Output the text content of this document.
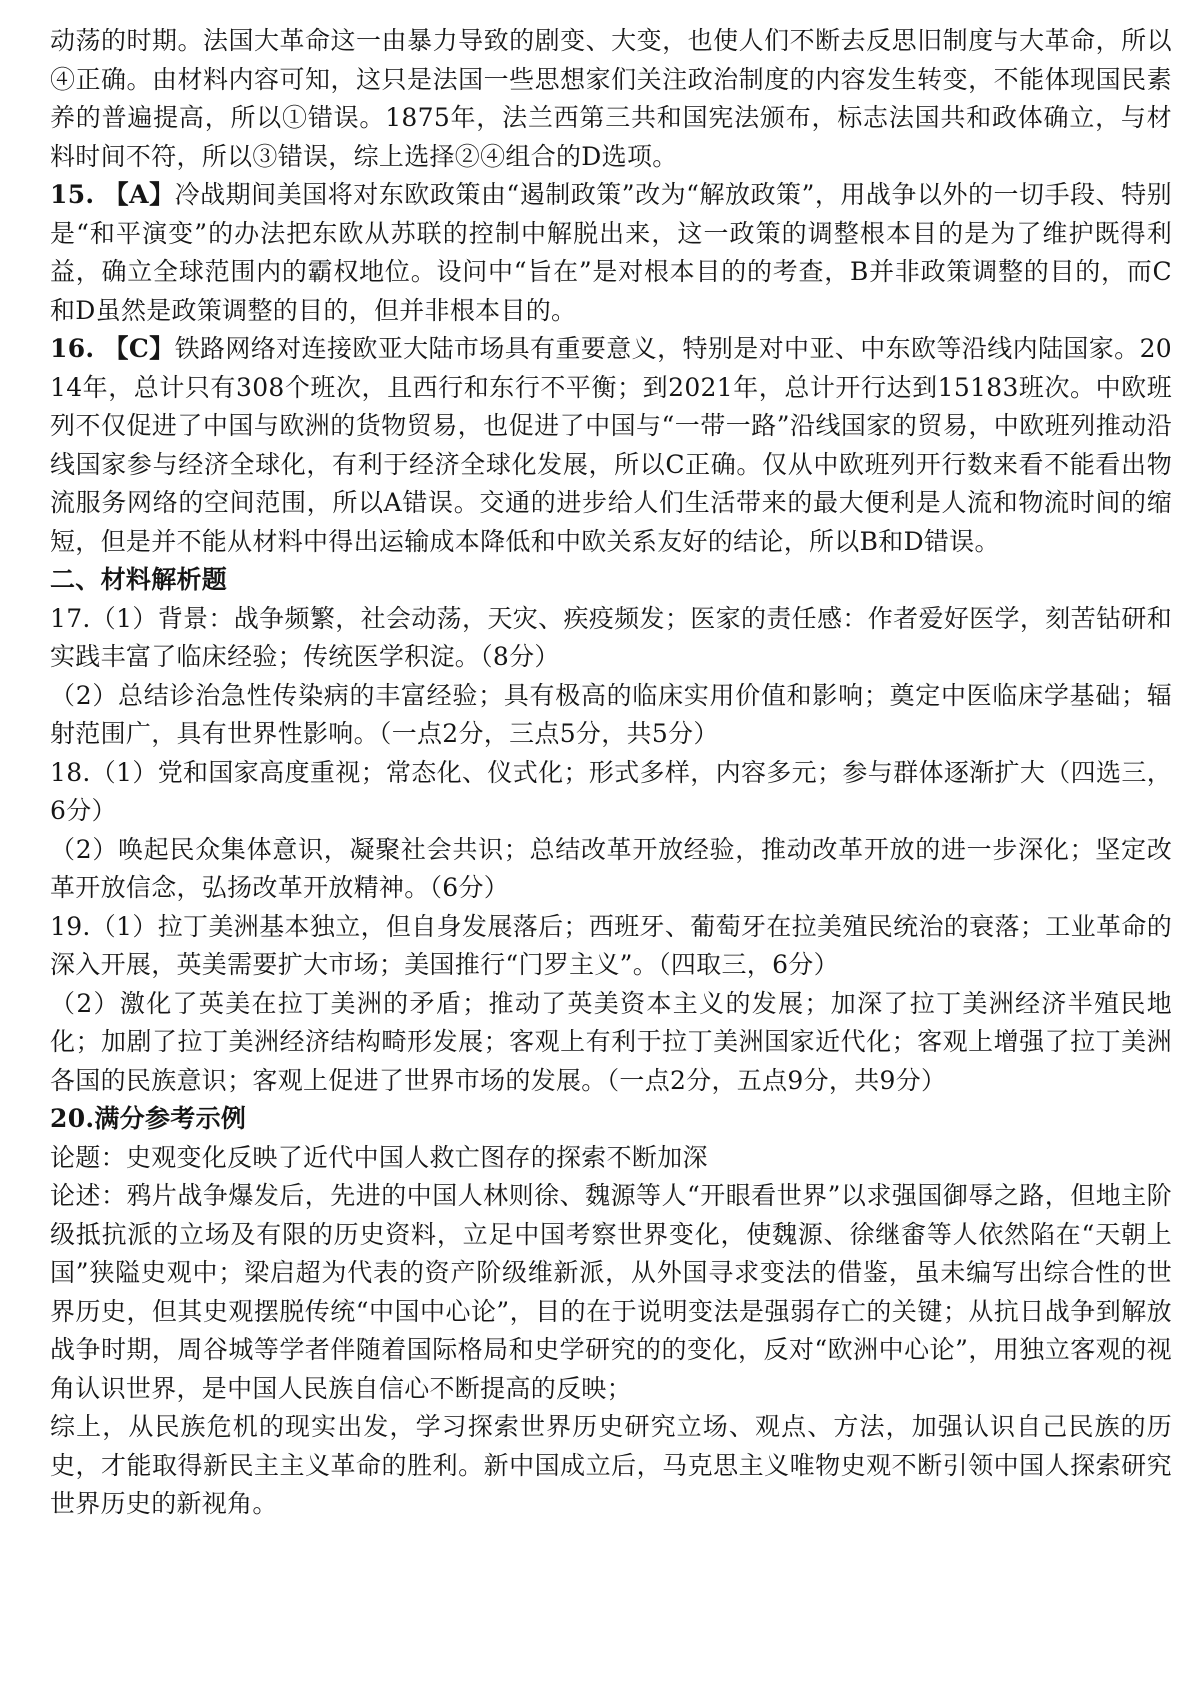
动荡的时期。法国大革命这一由暴力导致的剧变、大变，也使人们不断去反思旧制度与大革命，所以④正确。由材料内容可知，这只是法国一些思想家们关注政治制度的内容发生转变，不能体现国民素养的普遍提高，所以①错误。1875年，法兰西第三共和国宪法颁布，标志法国共和政体确立，与材料时间不符，所以③错误，综上选择②④组合的D选项。

15. 【A】冷战期间美国将对东欧政策由“遏制政策”改为“解放政策”，用战争以外的一切手段、特别是“和平演变”的办法把东欧从苏联的控制中解脱出来，这一政策的调整根本目的是为了维护既得利益，确立全球范围内的霸权地位。设问中“旨在”是对根本目的的考查，B并非政策调整的目的，而C和D虽然是政策调整的目的，但并非根本目的。

16. 【C】铁路网络对连接欧亚大陆市场具有重要意义，特别是对中亚、中东欧等沿线内陆国家。2014年，总计只有308个班次，且西行和东行不平衡；到2021年，总计开行达到15183班次。中欧班列不仅促进了中国与欧洲的货物贸易，也促进了中国与“一带一路”沿线国家的贸易，中欧班列推动沿线国家参与经济全球化，有利于经济全球化发展，所以C正确。仅从中欧班列开行数来看不能看出物流服务网络的空间范围，所以A错误。交通的进步给人们生活带来的最大便利是人流和物流时间的缩短，但是并不能从材料中得出运输成本降低和中欧关系友好的结论，所以B和D错误。

二、材料解析题

17.（1）背景：战争频繁，社会动荡，天灾、疾疫频发；医家的责任感：作者爱好医学，刻苦钻研和实践丰富了临床经验；传统医学积淀。（8分）

（2）总结诊治急性传染病的丰富经验；具有极高的临床实用价值和影响；奠定中医临床学基础；辐射范围广，具有世界性影响。（一点2分，三点5分，共5分）

18.（1）党和国家高度重视；常态化、仪式化；形式多样，内容多元；参与群体逐渐扩大（四选三，6分）

（2）唤起民众集体意识，凝聚社会共识；总结改革开放经验，推动改革开放的进一步深化；坚定改革开放信念，弘扬改革开放精神。（6分）

19.（1）拉丁美洲基本独立，但自身发展落后；西班牙、葡萄牙在拉美殖民统治的衰落；工业革命的深入开展，英美需要扩大市场；美国推行“门罗主义”。（四取三，6分）

（2）激化了英美在拉丁美洲的矛盾；推动了英美资本主义的发展；加深了拉丁美洲经济半殖民地化；加剧了拉丁美洲经济结构畸形发展；客观上有利于拉丁美洲国家近代化；客观上增强了拉丁美洲各国的民族意识；客观上促进了世界市场的发展。（一点2分，五点9分，共9分）

20.满分参考示例

论题：史观变化反映了近代中国人救亡图存的探索不断加深

论述：鸦片战争爆发后，先进的中国人林则徐、魏源等人“开眼看世界”以求强国御辱之路，但地主阶级抵抗派的立场及有限的历史资料，立足中国考察世界变化，使魏源、徐继畬等人依然陷在“天朝上国”狭隘史观中；梁启超为代表的资产阶级维新派，从外国寻求变法的借鉴，虽未编写出综合性的世界历史，但其史观摆脱传统“中国中心论”，目的在于说明变法是强弱存亡的关键；从抗日战争到解放战争时期，周谷城等学者伴随着国际格局和史学研究的的变化，反对“欧洲中心论”，用独立客观的视角认识世界，是中国人民族自信心不断提高的反映；

综上，从民族危机的现实出发，学习探索世界历史研究立场、观点、方法，加强认识自己民族的历史，才能取得新民主主义革命的胜利。新中国成立后，马克思主义唯物史观不断引领中国人探索研究世界历史的新视角。
